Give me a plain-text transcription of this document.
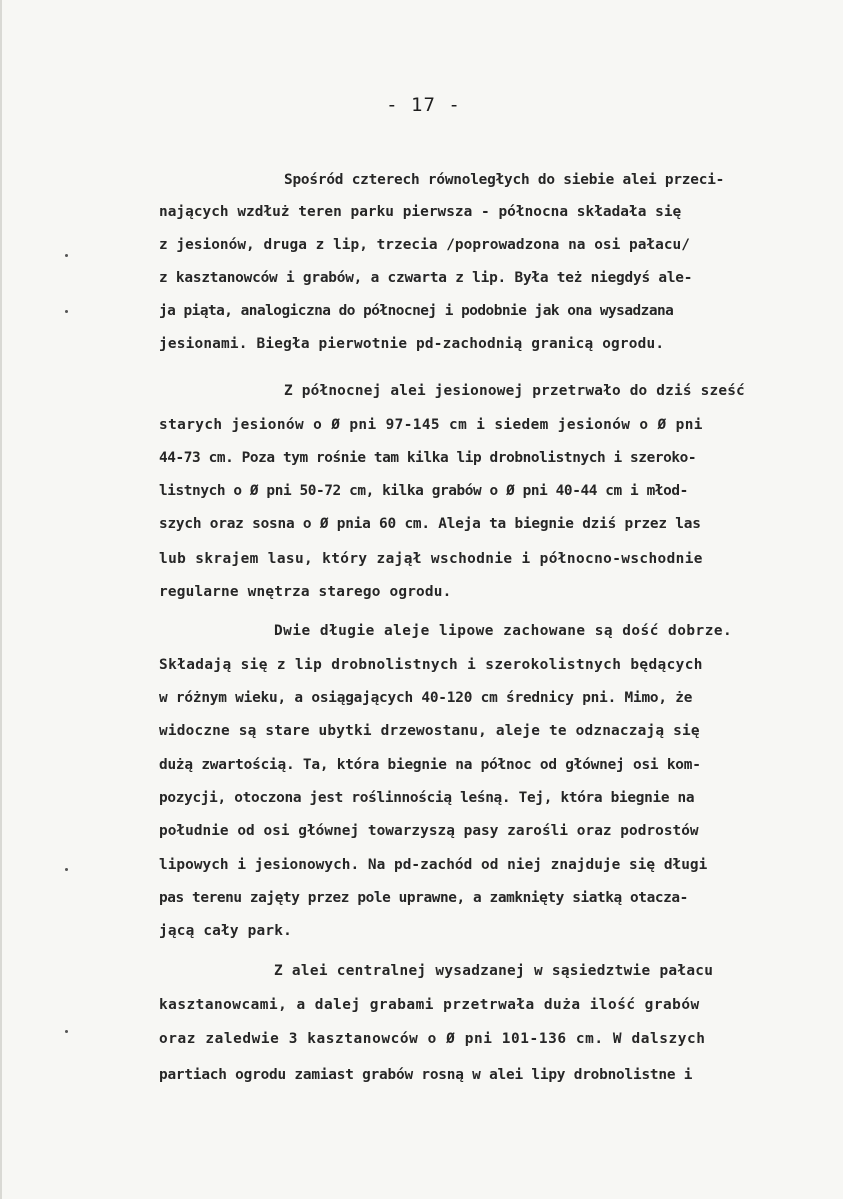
- 17 -
Spośród czterech równoległych do siebie alei przeci-
nających wzdłuż teren parku pierwsza - północna składała się
z jesionów, druga z lip, trzecia /poprowadzona na osi pałacu/
z kasztanowców i grabów, a czwarta z lip. Była też niegdyś ale-
ja piąta, analogiczna do północnej i podobnie jak ona wysadzana
jesionami. Biegła pierwotnie pd-zachodnią granicą ogrodu.
Z północnej alei jesionowej przetrwało do dziś sześć
starych jesionów o Ø pni 97-145 cm i siedem jesionów o Ø pni
44-73 cm. Poza tym rośnie tam kilka lip drobnolistnych i szeroko-
listnych o Ø pni 50-72 cm, kilka grabów o Ø pni 40-44 cm i młod-
szych oraz sosna o Ø pnia 60 cm. Aleja ta biegnie dziś przez las
lub skrajem lasu, który zajął wschodnie i północno-wschodnie
regularne wnętrza starego ogrodu.
Dwie długie aleje lipowe zachowane są dość dobrze.
Składają się z lip drobnolistnych i szerokolistnych będących
w różnym wieku, a osiągających 40-120 cm średnicy pni. Mimo, że
widoczne są stare ubytki drzewostanu, aleje te odznaczają się
dużą zwartością. Ta, która biegnie na północ od głównej osi kom-
pozycji, otoczona jest roślinnością leśną. Tej, która biegnie na
południe od osi głównej towarzyszą pasy zarośli oraz podrostów
lipowych i jesionowych. Na pd-zachód od niej znajduje się długi
pas terenu zajęty przez pole uprawne, a zamknięty siatką otacza-
jącą cały park.
Z alei centralnej wysadzanej w sąsiedztwie pałacu
kasztanowcami, a dalej grabami przetrwała duża ilość grabów
oraz zaledwie 3 kasztanowców o Ø pni 101-136 cm. W dalszych
partiach ogrodu zamiast grabów rosną w alei lipy drobnolistne i
